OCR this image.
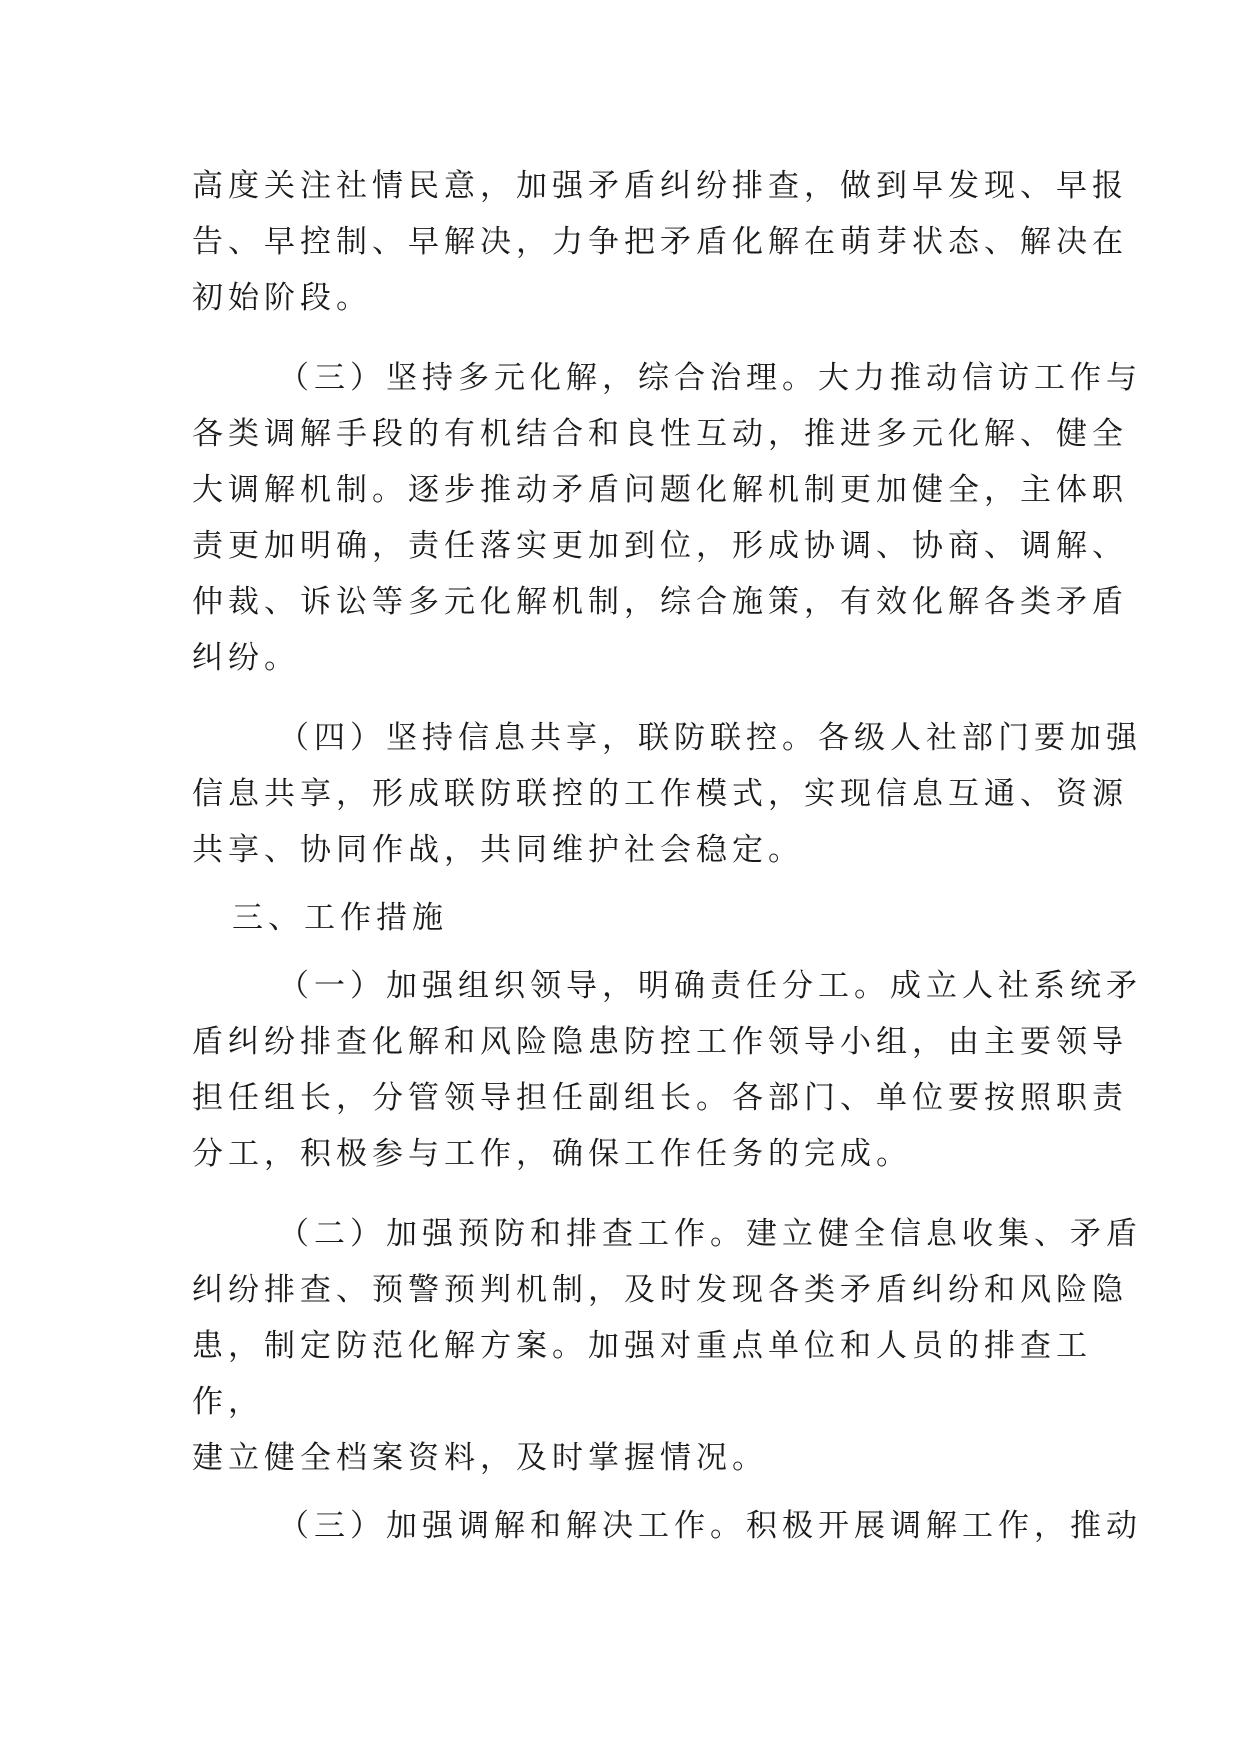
高度关注社情民意，加强矛盾纠纷排查，做到早发现、早报
告、早控制、早解决，力争把矛盾化解在萌芽状态、解决在
初始阶段。
（三）坚持多元化解，综合治理。大力推动信访工作与
各类调解手段的有机结合和良性互动，推进多元化解、健全
大调解机制。逐步推动矛盾问题化解机制更加健全，主体职
责更加明确，责任落实更加到位，形成协调、协商、调解、
仲裁、诉讼等多元化解机制，综合施策，有效化解各类矛盾
纠纷。
（四）坚持信息共享，联防联控。各级人社部门要加强
信息共享，形成联防联控的工作模式，实现信息互通、资源
共享、协同作战，共同维护社会稳定。
三、工作措施
（一）加强组织领导，明确责任分工。成立人社系统矛
盾纠纷排查化解和风险隐患防控工作领导小组，由主要领导
担任组长，分管领导担任副组长。各部门、单位要按照职责
分工，积极参与工作，确保工作任务的完成。
（二）加强预防和排查工作。建立健全信息收集、矛盾
纠纷排查、预警预判机制，及时发现各类矛盾纠纷和风险隐
患，制定防范化解方案。加强对重点单位和人员的排查工
作，
建立健全档案资料，及时掌握情况。
（三）加强调解和解决工作。积极开展调解工作，推动
